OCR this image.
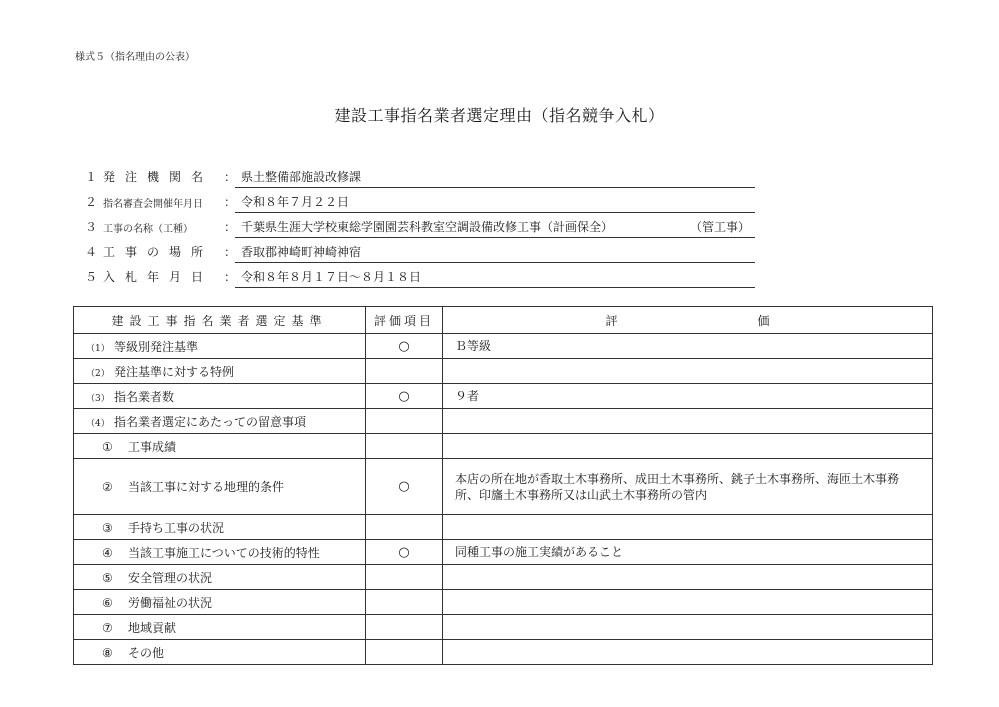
様式５（指名理由の公表）
建設工事指名業者選定理由（指名競争入札）
１ 発注機関名 ： 県土整備部施設改修課
２ 指名審査会開催年月日	： 令和８年７月２２日
３ 工事の名称（工種）	： 千葉県生涯大学校東総学園園芸科教室空調設備改修工事（計画保全）	（管工事）
４ 工事の場所 ： 香取郡神崎町神崎神宿
５ 入札年月日 ： 令和８年８月１７日～８月１８日
建設工事指名業者選定基準	評価項目	評 価
（1） 等級別発注基準	○	Ｂ等級
（2） 発注基準に対する特例		
（3） 指名業者数	○	９者
（4） 指名業者選定にあたっての留意事項		
① 工事成績		
② 当該工事に対する地理的条件	○	本店の所在地が香取土木事務所、成田土木事務所、銚子土木事務所、海匝土木事務所、印旛土木事務所又は山武土木事務所の管内
③ 手持ち工事の状況		
④ 当該工事施工についての技術的特性	○	同種工事の施工実績があること
⑤ 安全管理の状況		
⑥ 労働福祉の状況		
⑦ 地域貢献		
⑧ その他		
